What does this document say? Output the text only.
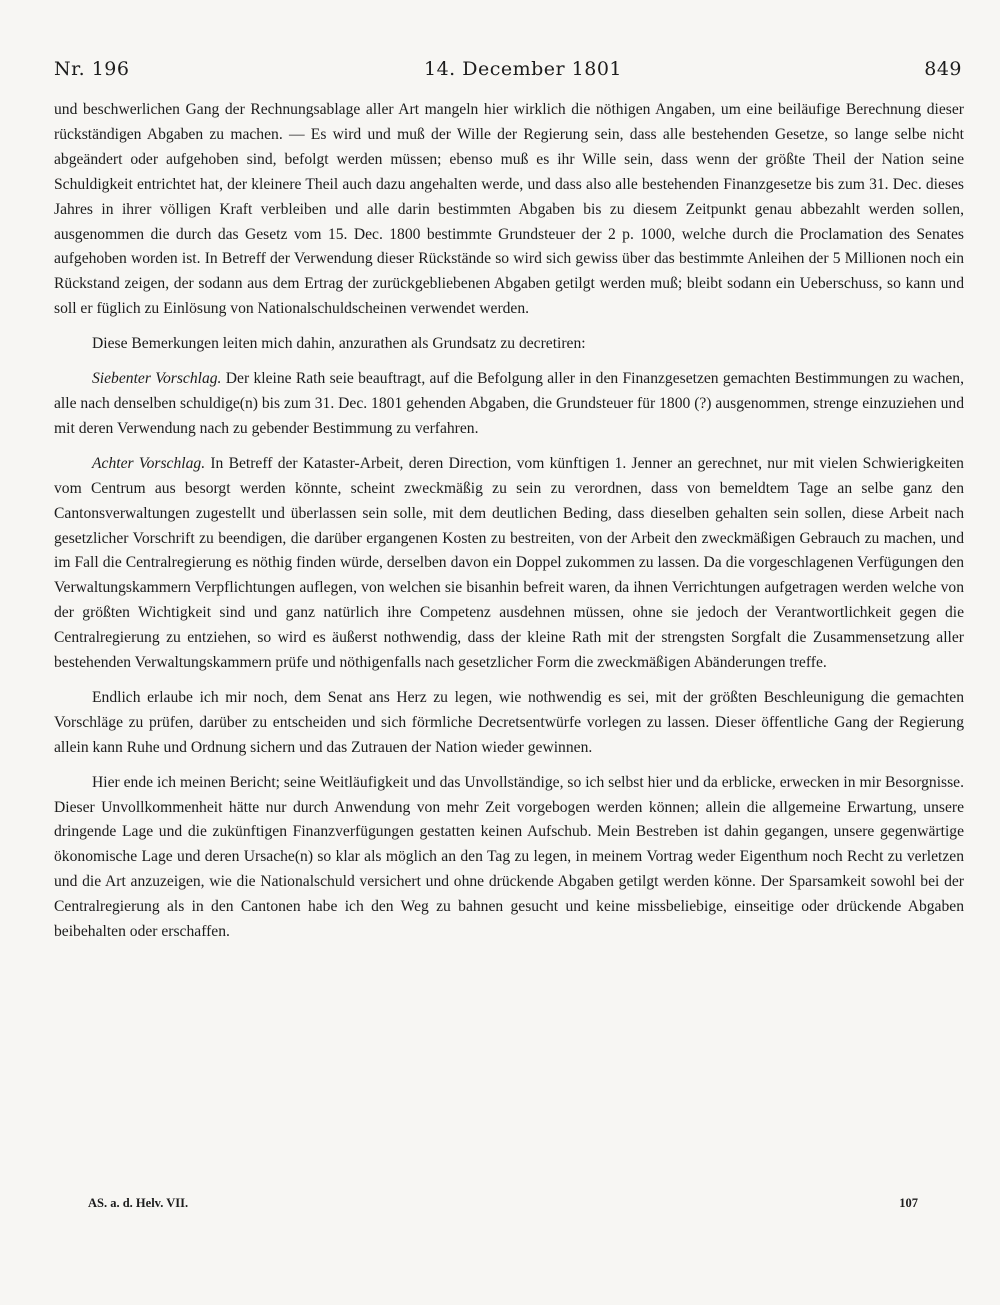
Nr. 196	14. December 1801	849

und beschwerlichen Gang der Rechnungsablage aller Art mangeln hier wirklich die nöthigen Angaben, um eine beiläufige Berechnung dieser rückständigen Abgaben zu machen. — Es wird und muß der Wille der Regierung sein, dass alle bestehenden Gesetze, so lange selbe nicht abgeändert oder aufgehoben sind, befolgt werden müssen; ebenso muß es ihr Wille sein, dass wenn der größte Theil der Nation seine Schuldigkeit entrichtet hat, der kleinere Theil auch dazu angehalten werde, und dass also alle bestehenden Finanzgesetze bis zum 31. Dec. dieses Jahres in ihrer völligen Kraft verbleiben und alle darin bestimmten Abgaben bis zu diesem Zeitpunkt genau abbezahlt werden sollen, ausgenommen die durch das Gesetz vom 15. Dec. 1800 bestimmte Grundsteuer der 2 p. 1000, welche durch die Proclamation des Senates aufgehoben worden ist. In Betreff der Verwendung dieser Rückstände so wird sich gewiss über das bestimmte Anleihen der 5 Millionen noch ein Rückstand zeigen, der sodann aus dem Ertrag der zurückgebliebenen Abgaben getilgt werden muß; bleibt sodann ein Ueberschuss, so kann und soll er füglich zu Einlösung von Nationalschuldscheinen verwendet werden.

Diese Bemerkungen leiten mich dahin, anzurathen als Grundsatz zu decretiren:

Siebenter Vorschlag. Der kleine Rath seie beauftragt, auf die Befolgung aller in den Finanzgesetzen gemachten Bestimmungen zu wachen, alle nach denselben schuldige(n) bis zum 31. Dec. 1801 gehenden Abgaben, die Grundsteuer für 1800 (?) ausgenommen, strenge einzuziehen und mit deren Verwendung nach zu gebender Bestimmung zu verfahren.

Achter Vorschlag. In Betreff der Kataster-Arbeit, deren Direction, vom künftigen 1. Jenner an gerechnet, nur mit vielen Schwierigkeiten vom Centrum aus besorgt werden könnte, scheint zweckmäßig zu sein zu verordnen, dass von bemeldtem Tage an selbe ganz den Cantonsverwaltungen zugestellt und überlassen sein solle, mit dem deutlichen Beding, dass dieselben gehalten sein sollen, diese Arbeit nach gesetzlicher Vorschrift zu beendigen, die darüber ergangenen Kosten zu bestreiten, von der Arbeit den zweckmäßigen Gebrauch zu machen, und im Fall die Centralregierung es nöthig finden würde, derselben davon ein Doppel zukommen zu lassen. Da die vorgeschlagenen Verfügungen den Verwaltungskammern Verpflichtungen auflegen, von welchen sie bisanhin befreit waren, da ihnen Verrichtungen aufgetragen werden welche von der größten Wichtigkeit sind und ganz natürlich ihre Competenz ausdehnen müssen, ohne sie jedoch der Verantwortlichkeit gegen die Centralregierung zu entziehen, so wird es äußerst nothwendig, dass der kleine Rath mit der strengsten Sorgfalt die Zusammensetzung aller bestehenden Verwaltungskammern prüfe und nöthigenfalls nach gesetzlicher Form die zweckmäßigen Abänderungen treffe.

Endlich erlaube ich mir noch, dem Senat ans Herz zu legen, wie nothwendig es sei, mit der größten Beschleunigung die gemachten Vorschläge zu prüfen, darüber zu entscheiden und sich förmliche Decretsentwürfe vorlegen zu lassen. Dieser öffentliche Gang der Regierung allein kann Ruhe und Ordnung sichern und das Zutrauen der Nation wieder gewinnen.

Hier ende ich meinen Bericht; seine Weitläufigkeit und das Unvollständige, so ich selbst hier und da erblicke, erwecken in mir Besorgnisse. Dieser Unvollkommenheit hätte nur durch Anwendung von mehr Zeit vorgebogen werden können; allein die allgemeine Erwartung, unsere dringende Lage und die zukünftigen Finanzverfügungen gestatten keinen Aufschub. Mein Bestreben ist dahin gegangen, unsere gegenwärtige ökonomische Lage und deren Ursache(n) so klar als möglich an den Tag zu legen, in meinem Vortrag weder Eigenthum noch Recht zu verletzen und die Art anzuzeigen, wie die Nationalschuld versichert und ohne drückende Abgaben getilgt werden könne. Der Sparsamkeit sowohl bei der Centralregierung als in den Cantonen habe ich den Weg zu bahnen gesucht und keine missbeliebige, einseitige oder drückende Abgaben beibehalten oder erschaffen.

AS. a. d. Helv. VII.	107
